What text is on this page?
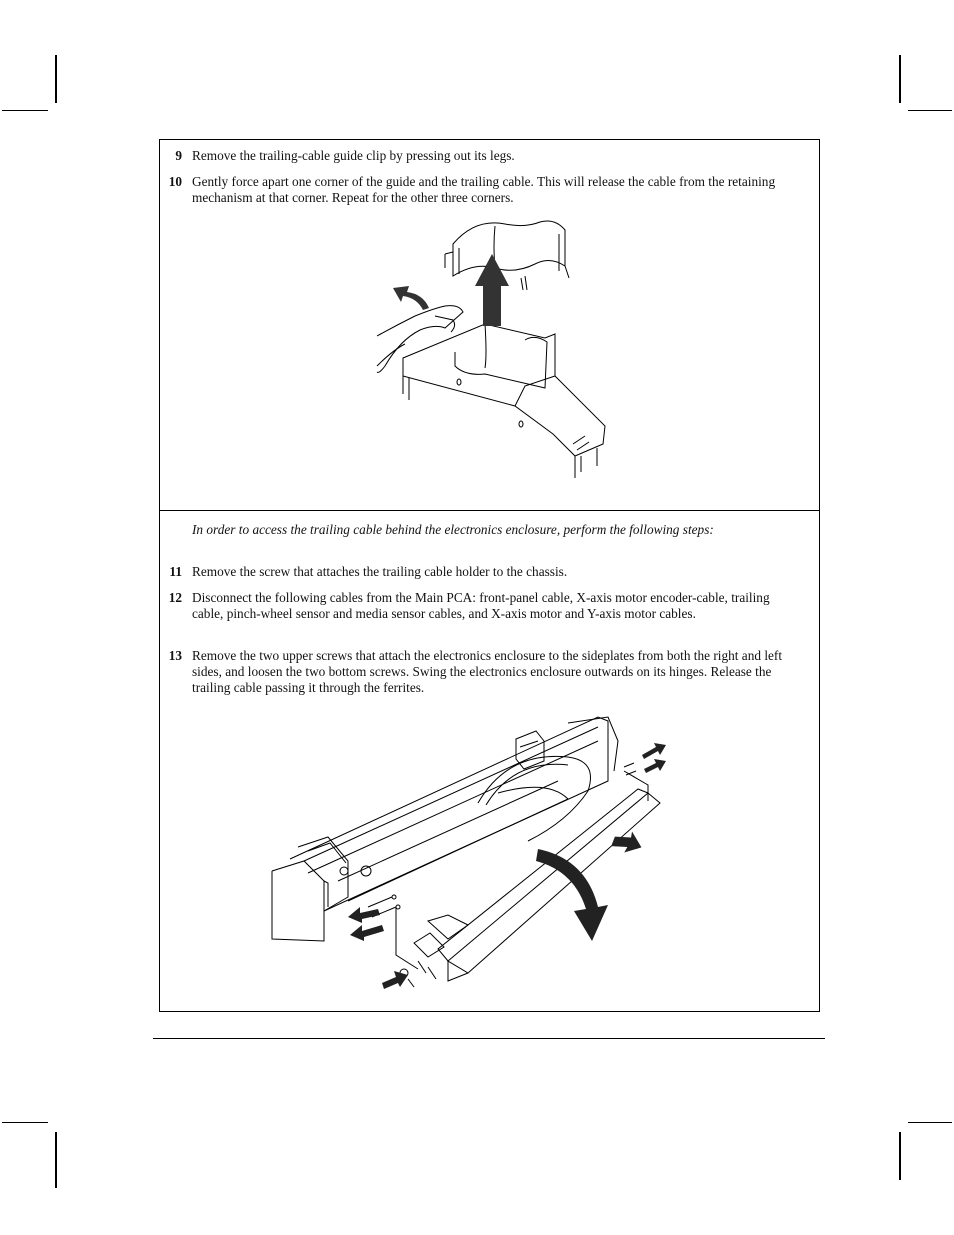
9 Remove the trailing-cable guide clip by pressing out its legs.
10 Gently force apart one corner of the guide and the trailing cable. This will release the cable from the retaining mechanism at that corner. Repeat for the other three corners.
In order to access the trailing cable behind the electronics enclosure, perform the following steps:
11 Remove the screw that attaches the trailing cable holder to the chassis.
12 Disconnect the following cables from the Main PCA: front-panel cable, X-axis motor encoder-cable, trailing cable, pinch-wheel sensor and media sensor cables, and X-axis motor and Y-axis motor cables.
13 Remove the two upper screws that attach the electronics enclosure to the sideplates from both the right and left sides, and loosen the two bottom screws. Swing the electronics enclosure outwards on its hinges. Release the trailing cable passing it through the ferrites.
